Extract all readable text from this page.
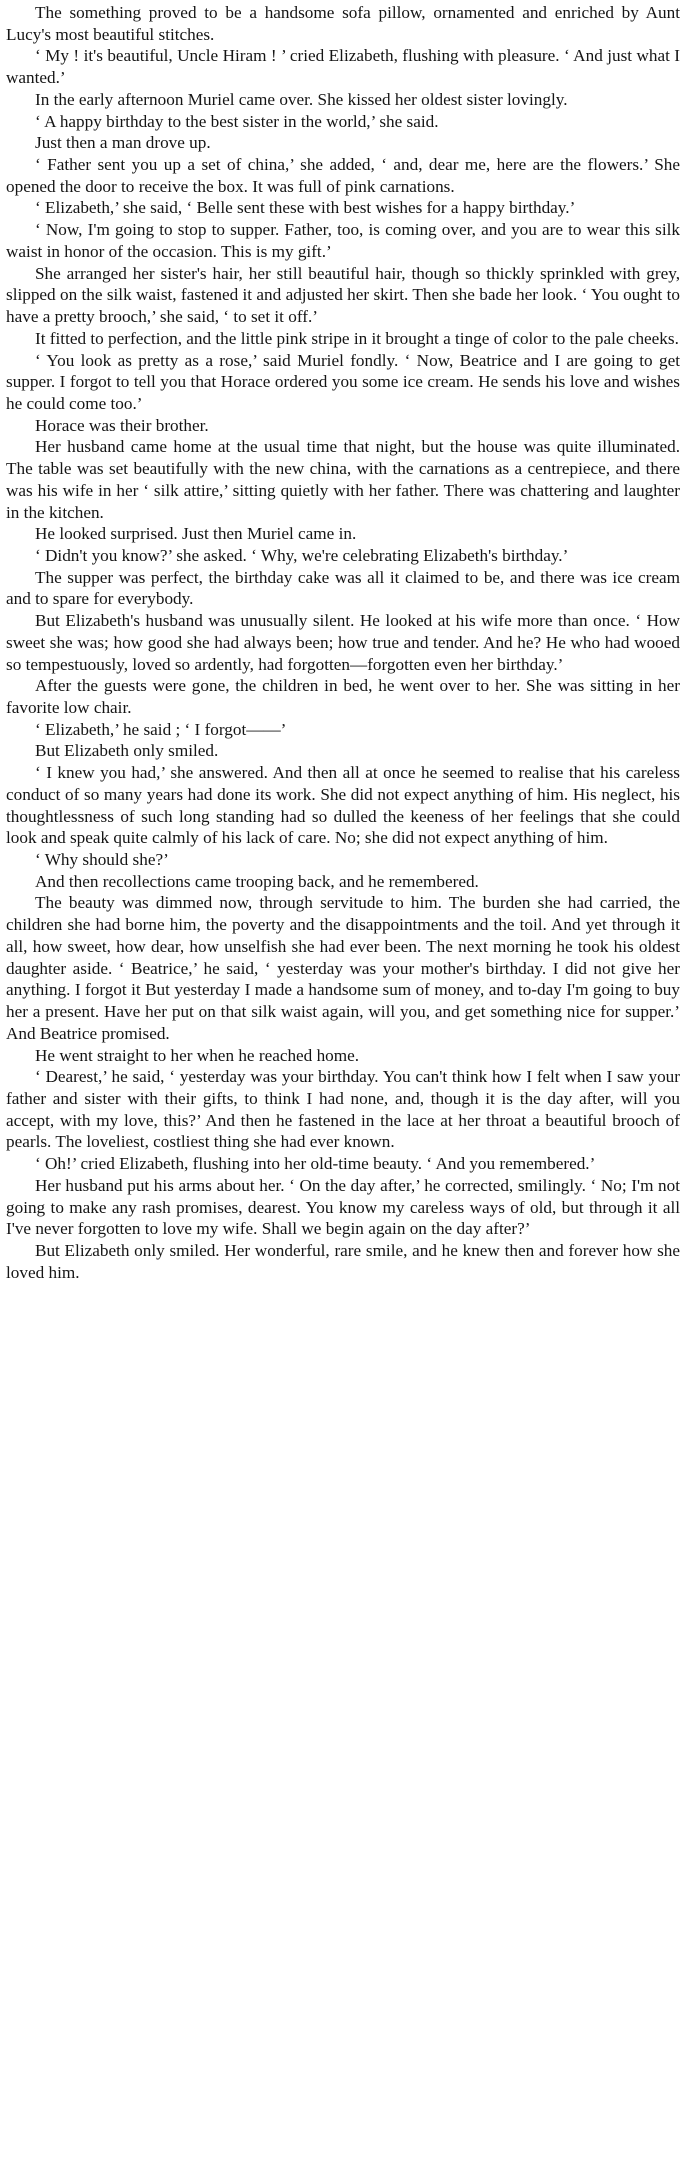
The something proved to be a handsome sofa pillow, ornamented and enriched by Aunt Lucy's most beautiful stitches.

‘ My ! it's beautiful, Uncle Hiram ! ’ cried Elizabeth, flushing with pleasure. ‘ And just what I wanted.’

In the early afternoon Muriel came over. She kissed her oldest sister lovingly.

‘ A happy birthday to the best sister in the world,’ she said.

Just then a man drove up.

‘ Father sent you up a set of china,’ she added, ‘ and, dear me, here are the flowers.’ She opened the door to receive the box. It was full of pink carnations.

‘ Elizabeth,’ she said, ‘ Belle sent these with best wishes for a happy birthday.’

‘ Now, I'm going to stop to supper. Father, too, is coming over, and you are to wear this silk waist in honor of the occasion. This is my gift.’

She arranged her sister's hair, her still beautiful hair, though so thickly sprinkled with grey, slipped on the silk waist, fastened it and adjusted her skirt. Then she bade her look. ‘ You ought to have a pretty brooch,’ she said, ‘ to set it off.’

It fitted to perfection, and the little pink stripe in it brought a tinge of color to the pale cheeks.

‘ You look as pretty as a rose,’ said Muriel fondly. ‘ Now, Beatrice and I are going to get supper. I forgot to tell you that Horace ordered you some ice cream. He sends his love and wishes he could come too.’

Horace was their brother.

Her husband came home at the usual time that night, but the house was quite illuminated. The table was set beautifully with the new china, with the carnations as a centrepiece, and there was his wife in her ‘ silk attire,’ sitting quietly with her father. There was chattering and laughter in the kitchen.

He looked surprised. Just then Muriel came in.

‘ Didn't you know?’ she asked. ‘ Why, we're celebrating Elizabeth's birthday.’

The supper was perfect, the birthday cake was all it claimed to be, and there was ice cream and to spare for everybody.

But Elizabeth's husband was unusually silent. He looked at his wife more than once. ‘ How sweet she was; how good she had always been; how true and tender. And he? He who had wooed so tempestuously, loved so ardently, had forgotten—forgotten even her birthday.’

After the guests were gone, the children in bed, he went over to her. She was sitting in her favorite low chair.

‘ Elizabeth,’ he said ; ‘ I forgot——’

But Elizabeth only smiled.

‘ I knew you had,’ she answered. And then all at once he seemed to realise that his careless conduct of so many years had done its work. She did not expect anything of him. His neglect, his thoughtlessness of such long standing had so dulled the keeness of her feelings that she could look and speak quite calmly of his lack of care. No; she did not expect anything of him.

‘ Why should she?’

And then recollections came trooping back, and he remembered.

The beauty was dimmed now, through servitude to him. The burden she had carried, the children she had borne him, the poverty and the disappointments and the toil. And yet through it all, how sweet, how dear, how unselfish she had ever been. The next morning he took his oldest daughter aside. ‘ Beatrice,’ he said, ‘ yesterday was your mother's birthday. I did not give her anything. I forgot it But yesterday I made a handsome sum of money, and to-day I'm going to buy her a present. Have her put on that silk waist again, will you, and get something nice for supper.’ And Beatrice promised.

He went straight to her when he reached home.

‘ Dearest,’ he said, ‘ yesterday was your birthday. You can't think how I felt when I saw your father and sister with their gifts, to think I had none, and, though it is the day after, will you accept, with my love, this?’ And then he fastened in the lace at her throat a beautiful brooch of pearls. The loveliest, costliest thing she had ever known.

‘ Oh!’ cried Elizabeth, flushing into her old-time beauty. ‘ And you remembered.’

Her husband put his arms about her. ‘ On the day after,’ he corrected, smilingly. ‘ No; I'm not going to make any rash promises, dearest. You know my careless ways of old, but through it all I've never forgotten to love my wife. Shall we begin again on the day after?’

But Elizabeth only smiled. Her wonderful, rare smile, and he knew then and forever how she loved him.
